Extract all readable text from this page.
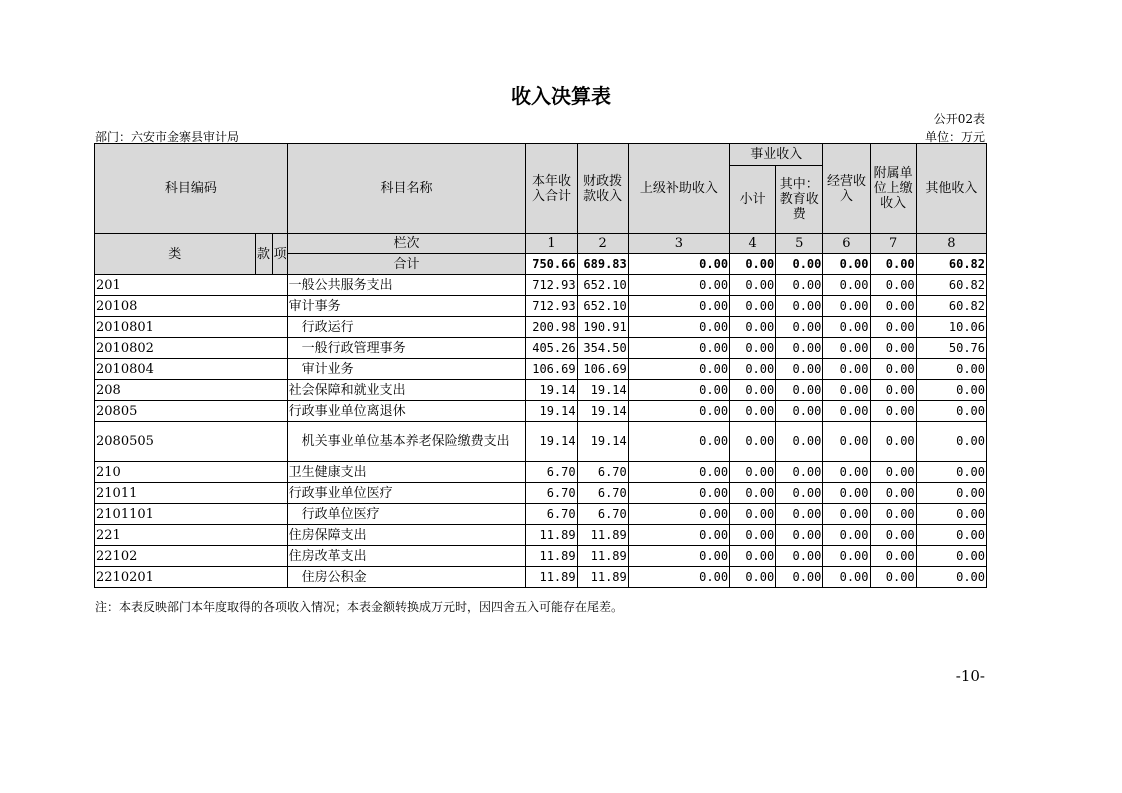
收入决算表
公开02表
部门：六安市金寨县审计局	单位：万元
科目编码			科目名称	本年收入合计	财政拨款收入	上级补助收入	事业收入		经营收入	附属单位上缴收入	其他收入
							小计	其中：教育收费			

类	款	项	栏次	1	2	3	4	5	6	7	8
			合计	750.66	689.83	0.00	0.00	0.00	0.00	0.00	60.82
201			一般公共服务支出	712.93	652.10	0.00	0.00	0.00	0.00	0.00	60.82
20108			审计事务	712.93	652.10	0.00	0.00	0.00	0.00	0.00	60.82
2010801			行政运行	200.98	190.91	0.00	0.00	0.00	0.00	0.00	10.06
2010802			一般行政管理事务	405.26	354.50	0.00	0.00	0.00	0.00	0.00	50.76
2010804			审计业务	106.69	106.69	0.00	0.00	0.00	0.00	0.00	0.00
208			社会保障和就业支出	19.14	19.14	0.00	0.00	0.00	0.00	0.00	0.00
20805			行政事业单位离退休	19.14	19.14	0.00	0.00	0.00	0.00	0.00	0.00
2080505			机关事业单位基本养老保险缴费支出	19.14	19.14	0.00	0.00	0.00	0.00	0.00	0.00
210			卫生健康支出	6.70	6.70	0.00	0.00	0.00	0.00	0.00	0.00
21011			行政事业单位医疗	6.70	6.70	0.00	0.00	0.00	0.00	0.00	0.00
2101101			行政单位医疗	6.70	6.70	0.00	0.00	0.00	0.00	0.00	0.00
221			住房保障支出	11.89	11.89	0.00	0.00	0.00	0.00	0.00	0.00
22102			住房改革支出	11.89	11.89	0.00	0.00	0.00	0.00	0.00	0.00
2210201			住房公积金	11.89	11.89	0.00	0.00	0.00	0.00	0.00	0.00
注：本表反映部门本年度取得的各项收入情况；本表金额转换成万元时，因四舍五入可能存在尾差。
-10-
